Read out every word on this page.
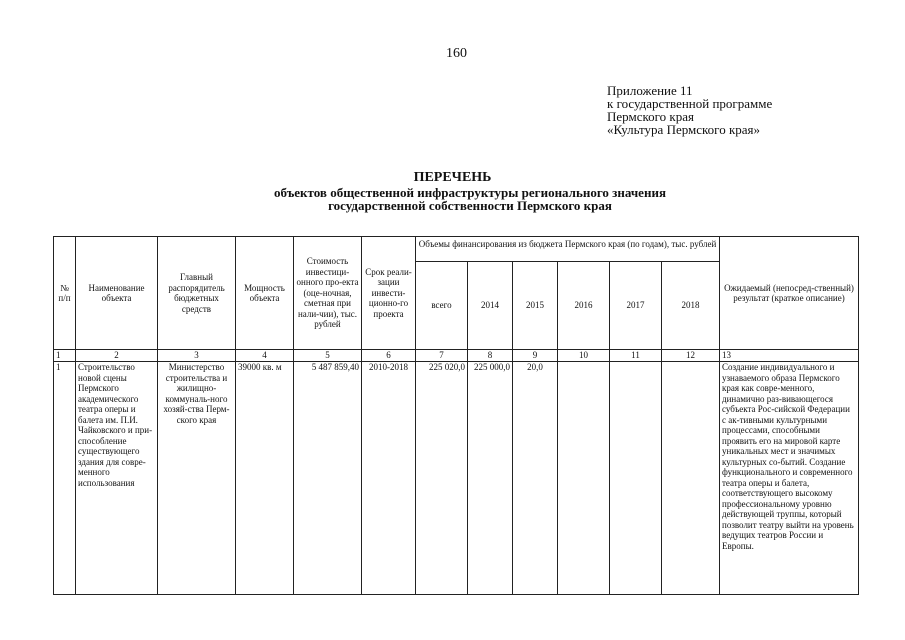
160
Приложение 11
к государственной программе
Пермского края
«Культура Пермского края»
ПЕРЕЧЕНЬ
объектов общественной инфраструктуры регионального значения
государственной собственности Пермского края
№ п/п	Наименование объекта	Главный распорядитель бюджетных средств	Мощность объекта	Стоимость инвестици-онного про-екта (оце-ночная, сметная при нали-чии), тыс. рублей	Срок реали-зации инвести-ционно-го проекта	Объемы финансирования из бюджета Пермского края (по годам), тыс. рублей						Ожидаемый (непосред-ственный) результат (краткое описание)
						всего	2014	2015	2016	2017	2018	
1	2	3	4	5	6	7	8	9	10	11	12	13
1	Строительство новой сцены Пермского академического театра оперы и балета им. П.И. Чайковского и при-способление существующего здания для совре-менного использования	Министерство строительства и жилищно-коммуналь-ного хозяй-ства Перм-ского края	39000 кв. м	5 487 859,40	2010-2018	225 020,0	225 000,0	20,0				Создание индивидуального и узнаваемого образа Пермского края как совре-менного, динамично раз-вивающегося субъекта Рос-сийской Федерации с ак-тивными культурными процессами, способными проявить его на мировой карте уникальных мест и значимых культурных со-бытий. Создание функционального и современного театра оперы и балета, соответствующего высокому профессиональному уровню действующей труппы, который позволит театру выйти на уровень ведущих театров России и Европы.
